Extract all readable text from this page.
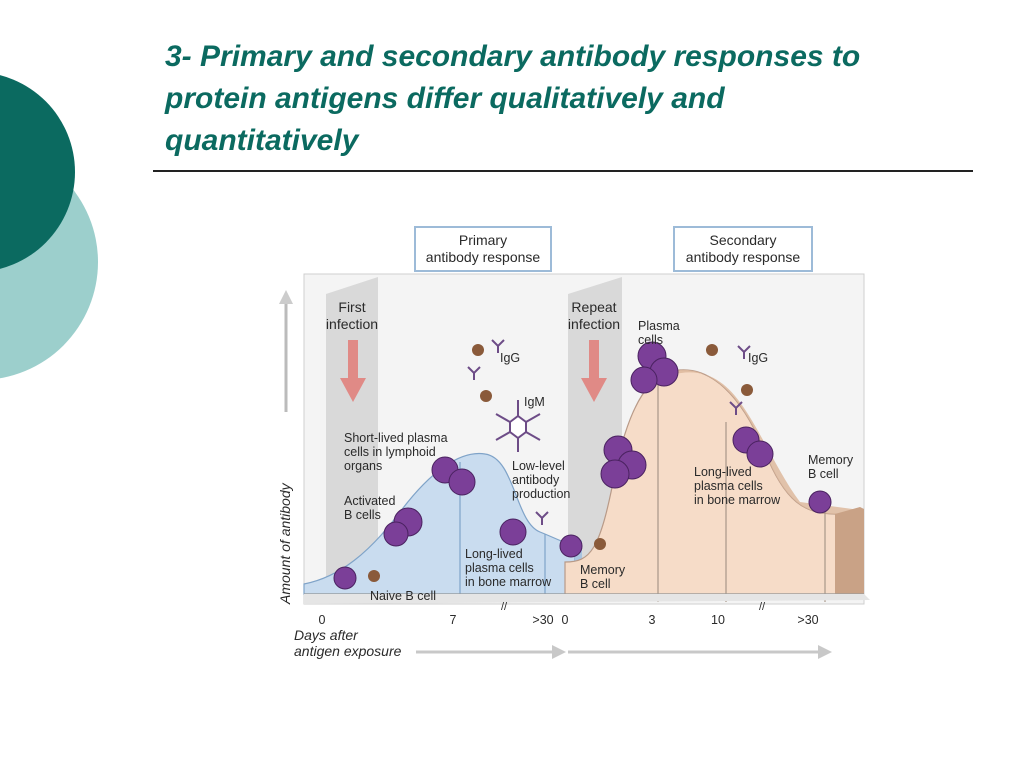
3- Primary and secondary antibody responses to
protein antigens differ qualitatively and
quantitatively
Amount of antibody
Primary
antibody response
Secondary
antibody response
First
infection
Repeat
infection
IgG
IgM
Short-lived plasma
cells in lymphoid
organs
Activated
B cells
Low-level
antibody
production
Long-lived
plasma cells
in bone marrow
Naive B cell
Memory
B cell
Plasma
cells
IgG
Long-lived
plasma cells
in bone marrow
Memory
B cell
0	7	>30
//
0	3	10	>30
//
Days after
antigen exposure
